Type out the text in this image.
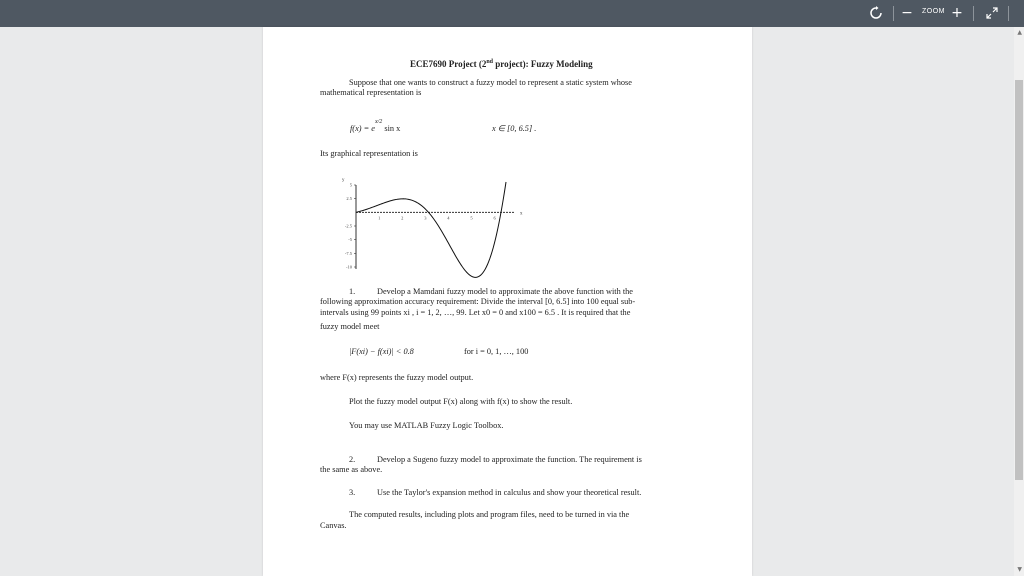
− ZOOM +
ECE7690 Project (2nd project): Fuzzy Modeling
Suppose that one wants to construct a fuzzy model to represent a static system whose
mathematical representation is
$f(x) = e^{x/2}$ sin x	x ∈ [0, 6.5] .
Its graphical representation is
y
x
1	2	3	4	5	6
5
2.5
-2.5
-5
-7.5
-10
1.	Develop a Mamdani fuzzy model to approximate the above function with the
following approximation accuracy requirement: Divide the interval [0, 6.5] into 100 equal sub-
intervals using 99 points xi , i = 1, 2, …, 99. Let x0 = 0 and x100 = 6.5 . It is required that the
fuzzy model meet
|F(xi) − f(xi)| < 0.8	for i = 0, 1, …, 100
where F(x) represents the fuzzy model output.
Plot the fuzzy model output F(x) along with f(x) to show the result.
You may use MATLAB Fuzzy Logic Toolbox.
2.	Develop a Sugeno fuzzy model to approximate the function. The requirement is
the same as above.
3.	Use the Taylor's expansion method in calculus and show your theoretical result.
The computed results, including plots and program files, need to be turned in via the
Canvas.
▲
▼
